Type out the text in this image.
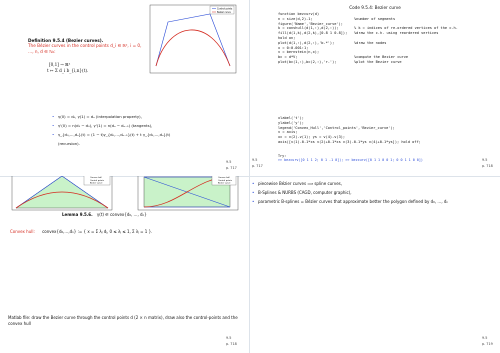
Definition 9.5.4 (Bezier curves).
The Bézier curves in the control points d_i ∈ ℝ², i = 0, …, n, d ∈ ℕ₀:
[0,1] → ℝ²
t ↦ Σ d_i b_{i,n}(t).
Control points
Bezier curve
• γ(0) = d₀, γ(1) = dₙ (interpolation property),
• γ'(0) = n(d₁ − d₀), γ'(1) = n(dₙ − dₙ₋₁) (tangents),
• γ_{d₀,…,dₙ}(t) = (1 − t)γ_{d₀,…,dₙ₋₁}(t) + t γ_{d₁,…,dₙ}(t) (recursion).
9.5
p. 717
Code 9.5.4: Bezier curve
function bezcurv(d)
n = size(d,2)-1;	%number of segments
figure('Name','Bezier_curve');
k = convhull(d(1,:),d(2,:));	% k = indices of re-ordered vertices of the c.h.
fill(d(1,k),d(2,k),[0.8 1 0.8]); %draw the c.h. using reordered vertices
hold on;
plot(d(1,:),d(2,:),'b-*');	%draw the nodes
x = 0:0.001:1;
v = bernstein(n,x);
bc = d*V;	%compute the Bezier curve
plot(bc(1,:),bc(2,:),'r-');	%plot the Bezier curve
xlabel('t');
ylabel('y');
legend('Convex_Hull','Control_points','Bezier_curve');
v = axis;
xc = v(2)-v(1); ys = v(4)-v(3);
axis([v(1)-0.1*xs v(2)+0.1*xs v(3)-0.1*ys v(4)+0.1*ys]); hold off;
Try:
>> bezcurv([0 1 1 2; 0 1 -1 0]); >> bezcurv([0 1 1 0 0 1; 0 0 1 1 0 0])
9.5
p. 717
9.5
p. 718
Convex hull
Control points
Bezier curve
Convex hull
Control points
Bezier curve
Lemma 9.5.6. γ(t) ∈ convex{d₀, …, dₙ}
Convex hull: convex{d₀,…,dₙ} := { x = Σ λⱼ dⱼ, 0 ≤ λⱼ ≤ 1, Σ λⱼ = 1 }.
9.5
p. 718
• piecewise Bézier curves ⟹ spline curves,
• B-Splines & NURBS (CAGD, computer graphic),
• parametric B-splines = Bézier curves that approximate better the polygon defined by d₀, …, dₙ
9.5
p. 719
Matlab file: draw the Bezier curve through the control points d (2 × n matrix), draw also the control-points and the convex hull
